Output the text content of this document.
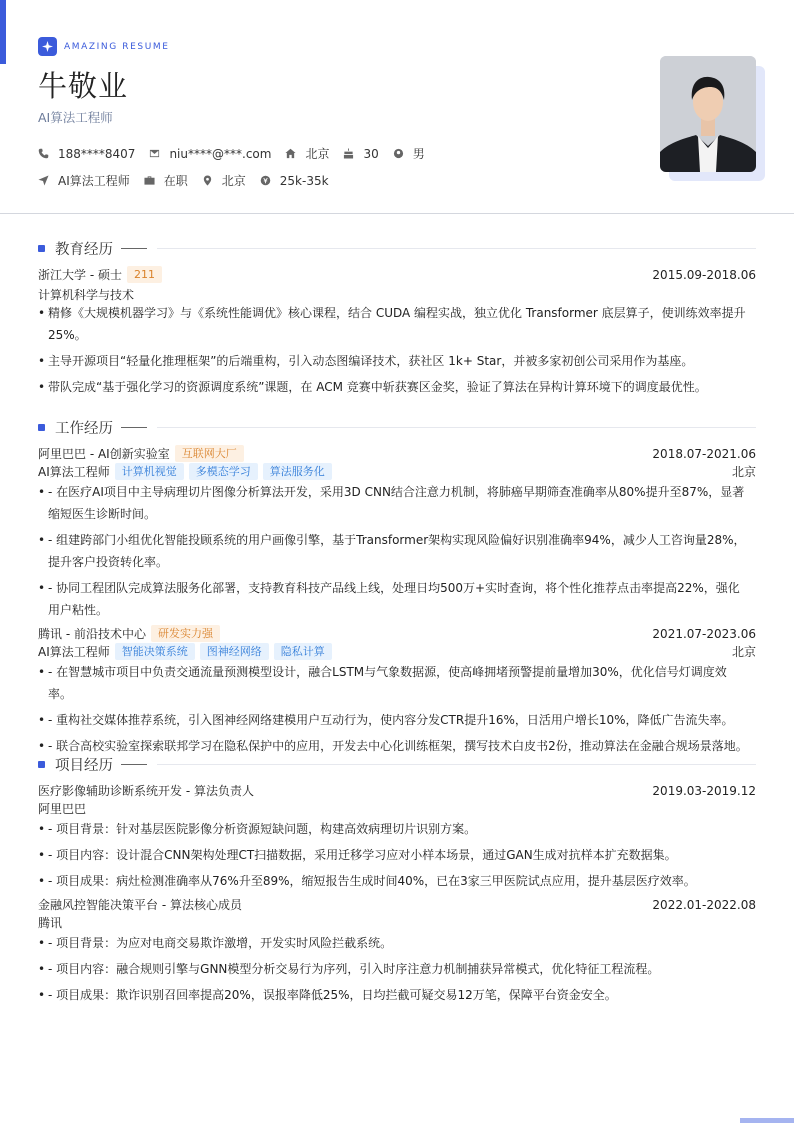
AMAZING RESUME
牛敬业
AI算法工程师
188****8407	niu****@***.com	北京	30	男
AI算法工程师	在职	北京	25k-35k
教育经历
浙江大学 - 硕士	211	2015.09-2018.06
计算机科学与技术
• 精修《大规模机器学习》与《系统性能调优》核心课程，结合 CUDA 编程实战，独立优化 Transformer 底层算子，使训练效率提升 25%。
• 主导开源项目“轻量化推理框架”的后端重构，引入动态图编译技术，获社区 1k+ Star，并被多家初创公司采用作为基座。
• 带队完成“基于强化学习的资源调度系统”课题，在 ACM 竞赛中斩获赛区金奖，验证了算法在异构计算环境下的调度最优性。
工作经历
阿里巴巴 - AI创新实验室	互联网大厂	2018.07-2021.06
AI算法工程师	计算机视觉	多模态学习	算法服务化	北京
• - 在医疗AI项目中主导病理切片图像分析算法开发，采用3D CNN结合注意力机制，将肺癌早期筛查准确率从80%提升至87%，显著缩短医生诊断时间。
• - 组建跨部门小组优化智能投顾系统的用户画像引擎，基于Transformer架构实现风险偏好识别准确率94%，减少人工咨询量28%，提升客户投资转化率。
• - 协同工程团队完成算法服务化部署，支持教育科技产品线上线，处理日均500万+实时查询，将个性化推荐点击率提高22%，强化用户粘性。
腾讯 - 前沿技术中心	研发实力强	2021.07-2023.06
AI算法工程师	智能决策系统	图神经网络	隐私计算	北京
• - 在智慧城市项目中负责交通流量预测模型设计，融合LSTM与气象数据源，使高峰拥堵预警提前量增加30%，优化信号灯调度效率。
• - 重构社交媒体推荐系统，引入图神经网络建模用户互动行为，使内容分发CTR提升16%，日活用户增长10%，降低广告流失率。
• - 联合高校实验室探索联邦学习在隐私保护中的应用，开发去中心化训练框架，撰写技术白皮书2份，推动算法在金融合规场景落地。
项目经历
医疗影像辅助诊断系统开发 - 算法负责人	2019.03-2019.12
阿里巴巴
• - 项目背景：针对基层医院影像分析资源短缺问题，构建高效病理切片识别方案。
• - 项目内容：设计混合CNN架构处理CT扫描数据，采用迁移学习应对小样本场景，通过GAN生成对抗样本扩充数据集。
• - 项目成果：病灶检测准确率从76%升至89%，缩短报告生成时间40%，已在3家三甲医院试点应用，提升基层医疗效率。
金融风控智能决策平台 - 算法核心成员	2022.01-2022.08
腾讯
• - 项目背景：为应对电商交易欺诈激增，开发实时风险拦截系统。
• - 项目内容：融合规则引擎与GNN模型分析交易行为序列，引入时序注意力机制捕获异常模式，优化特征工程流程。
• - 项目成果：欺诈识别召回率提高20%，误报率降低25%，日均拦截可疑交易12万笔，保障平台资金安全。
